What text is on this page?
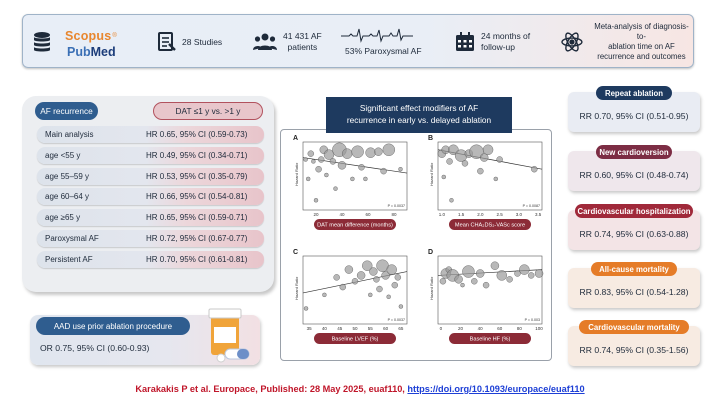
Scopus ®
PubMed
28 Studies
41 431 AF
patients	53% Paroxysmal AF
24 months of
follow-up
Meta-analysis of diagnosis-to-
ablation time on AF
recurrence and outcomes
AF recurrence	DAT ≤1 y vs. >1 y
Main analysis	HR 0.65, 95% CI (0.59-0.73)
age <55 y	HR 0.49, 95% CI (0.34-0.71)
age 55–59 y	HR 0.53, 95% CI (0.35-0.79)
age 60–64 y	HR 0.66, 95% CI (0.54-0.81)
age ≥65 y	HR 0.65, 95% CI (0.59-0.71)
Paroxysmal AF	HR 0.72, 95% CI (0.67-0.77)
Persistent AF	HR 0.70, 95% CI (0.61-0.81)
AAD use prior ablation procedure
OR 0.75, 95% CI (0.60-0.93)
A
Hazard Ratio
20	40	60	80
P = 0.0037
DAT mean difference (months)
B
Hazard Ratio
1.0	1.5	2.0	2.5	3.0	3.5
P = 0.0087
Mean CHA₂DS₂-VASc score
C
Hazard Ratio
35 40 45 50 55 60 65
P = 0.0037
Baseline LVEF (%)
D
Hazard Ratio
0	20	40	60	80	100
P = 0.003
Baseline HF (%)
Significant effect modifiers of AF
recurrence in early vs. delayed ablation
Repeat ablation
RR 0.70, 95% CI (0.51-0.95)
New cardioversion
RR 0.60, 95% CI (0.48-0.74)
Cardiovascular hospitalization
RR 0.74, 95% CI (0.63-0.88)
All-cause mortality
RR 0.83, 95% CI (0.54-1.28)
Cardiovascular mortality
RR 0.74, 95% CI (0.35-1.56)
Karakakis P et al. Europace, Published: 28 May 2025, euaf110, https://doi.org/10.1093/europace/euaf110
